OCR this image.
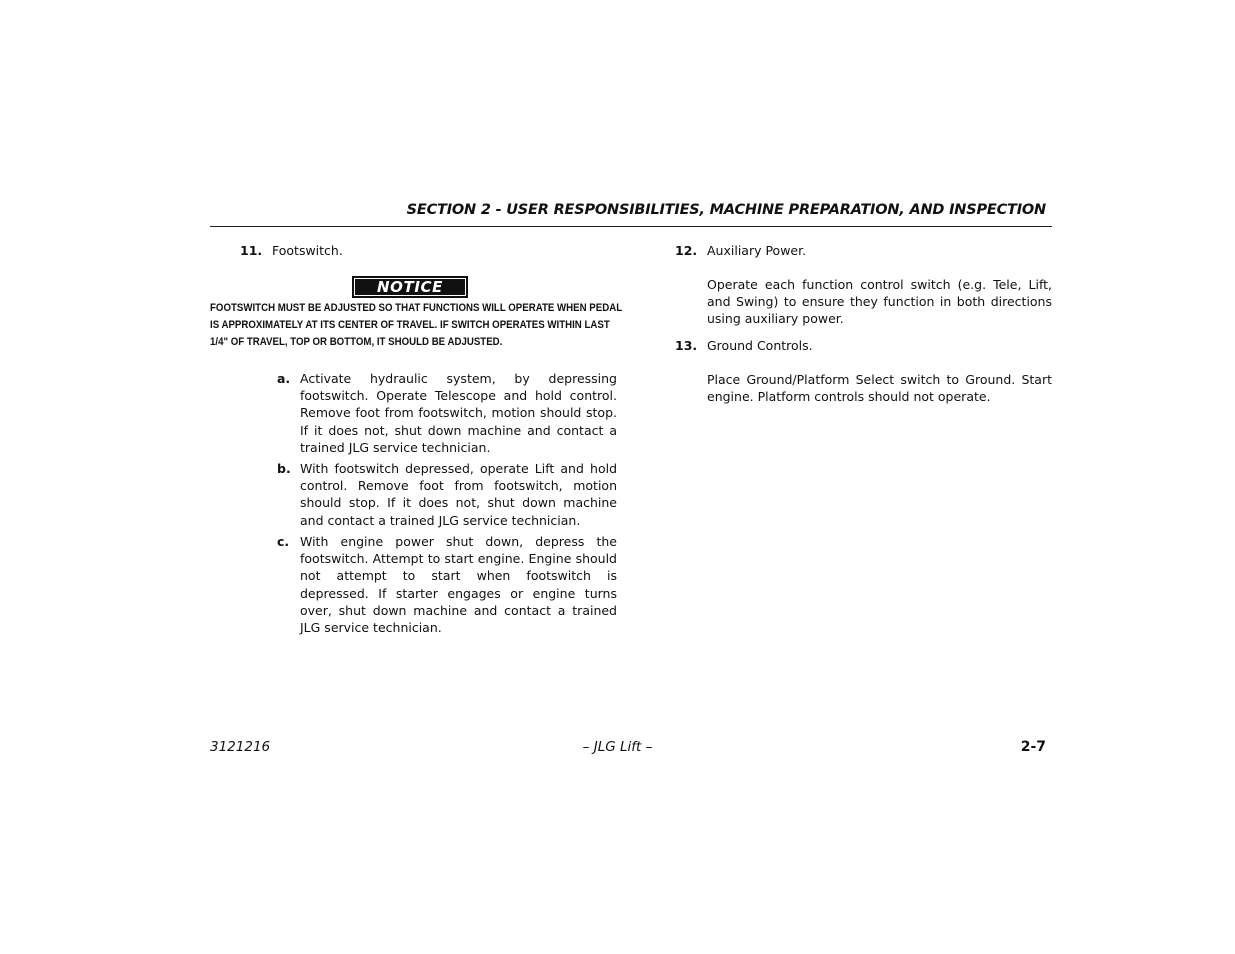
SECTION 2 - USER RESPONSIBILITIES, MACHINE PREPARATION, AND INSPECTION
11. Footswitch.
NOTICE
FOOTSWITCH MUST BE ADJUSTED SO THAT FUNCTIONS WILL OPERATE WHEN PEDAL IS APPROXIMATELY AT ITS CENTER OF TRAVEL. IF SWITCH OPERATES WITHIN LAST 1/4" OF TRAVEL, TOP OR BOTTOM, IT SHOULD BE ADJUSTED.
a. Activate hydraulic system, by depressing footswitch. Operate Telescope and hold control. Remove foot from footswitch, motion should stop. If it does not, shut down machine and contact a trained JLG service technician.
b. With footswitch depressed, operate Lift and hold control. Remove foot from footswitch, motion should stop. If it does not, shut down machine and contact a trained JLG service technician.
c. With engine power shut down, depress the footswitch. Attempt to start engine. Engine should not attempt to start when footswitch is depressed. If starter engages or engine turns over, shut down machine and contact a trained JLG service technician.
12. Auxiliary Power.
Operate each function control switch (e.g. Tele, Lift, and Swing) to ensure they function in both directions using auxiliary power.
13. Ground Controls.
Place Ground/Platform Select switch to Ground. Start engine. Platform controls should not operate.
3121216	– JLG Lift –	2-7
